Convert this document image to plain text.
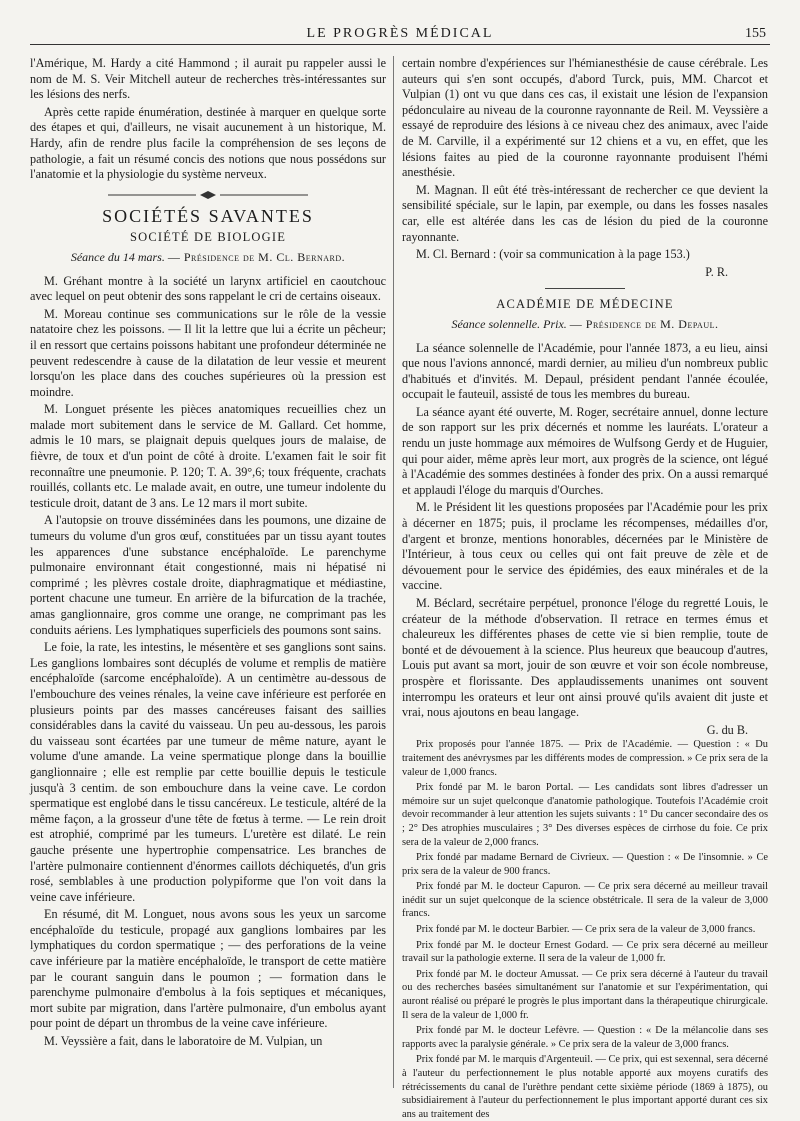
LE PROGRÈS MÉDICAL	155

l'Amérique, M. Hardy a cité Hammond ; il aurait pu rappeler aussi le nom de M. S. Veir Mitchell auteur de recherches très-intéressantes sur les lésions des nerfs.

Après cette rapide énumération, destinée à marquer en quelque sorte des étapes et qui, d'ailleurs, ne visait aucunement à un historique, M. Hardy, afin de rendre plus facile la compréhension de ses leçons de pathologie, a fait un résumé concis des notions que nous possédons sur l'anatomie et la physiologie du système nerveux.

SOCIÉTÉS SAVANTES
SOCIÉTÉ DE BIOLOGIE
Séance du 14 mars. — Présidence de M. Cl. Bernard.

M. Gréhant montre à la société un larynx artificiel en caoutchouc avec lequel on peut obtenir des sons rappelant le cri de certains oiseaux.

M. Moreau continue ses communications sur le rôle de la vessie natatoire chez les poissons. — Il lit la lettre que lui a écrite un pêcheur; il en ressort que certains poissons habitant une profondeur déterminée ne peuvent redescendre à cause de la dilatation de leur vessie et meurent lorsqu'on les place dans des couches supérieures où la pression est moindre.

M. Longuet présente les pièces anatomiques recueillies chez un malade mort subitement dans le service de M. Gallard. Cet homme, admis le 10 mars, se plaignait depuis quelques jours de malaise, de fièvre, de toux et d'un point de côté à droite. L'examen fait le soir fit reconnaître une pneumonie. P. 120; T. A. 39°,6; toux fréquente, crachats rouillés, collants etc. Le malade avait, en outre, une tumeur indolente du testicule droit, datant de 3 ans. Le 12 mars il mort subite.

A l'autopsie on trouve disséminées dans les poumons, une dizaine de tumeurs du volume d'un gros œuf, constituées par un tissu ayant toutes les apparences d'une substance encéphaloïde. Le parenchyme pulmonaire environnant était congestionné, mais ni hépatisé ni comprimé ; les plèvres costale droite, diaphragmatique et médiastine, portent chacune une tumeur. En arrière de la bifurcation de la trachée, amas ganglionnaire, gros comme une orange, ne comprimant pas les conduits aériens. Les lymphatiques superficiels des poumons sont sains.

Le foie, la rate, les intestins, le mésentère et ses ganglions sont sains. Les ganglions lombaires sont décuplés de volume et remplis de matière encéphaloïde (sarcome encéphaloïde). A un centimètre au-dessous de l'embouchure des veines rénales, la veine cave inférieure est perforée en plusieurs points par des masses cancéreuses faisant des saillies considérables dans la cavité du vaisseau. Un peu au-dessous, les parois du vaisseau sont écartées par une tumeur de même nature, ayant le volume d'une amande. La veine spermatique plonge dans la bouillie ganglionnaire ; elle est remplie par cette bouillie depuis le testicule jusqu'à 3 centim. de son embouchure dans la veine cave. Le cordon spermatique est englobé dans le tissu cancéreux. Le testicule, altéré de la même façon, a la grosseur d'une tête de fœtus à terme. — Le rein droit est atrophié, comprimé par les tumeurs. L'uretère est dilaté. Le rein gauche présente une hypertrophie compensatrice. Les branches de l'artère pulmonaire contiennent d'énormes caillots déchiquetés, d'un gris rosé, semblables à une production polypiforme que l'on voit dans la veine cave inférieure.

En résumé, dit M. Longuet, nous avons sous les yeux un sarcome encéphaloïde du testicule, propagé aux ganglions lombaires par les lymphatiques du cordon spermatique ; — des perforations de la veine cave inférieure par la matière encéphaloïde, le transport de cette matière par le courant sanguin dans le poumon ; — formation dans le parenchyme pulmonaire d'embolus à la fois septiques et mécaniques, mort subite par migration, dans l'artère pulmonaire, d'un embolus ayant pour point de départ un thrombus de la veine cave inférieure.

M. Veyssière a fait, dans le laboratoire de M. Vulpian, un

certain nombre d'expériences sur l'hémianesthésie de cause cérébrale. Les auteurs qui s'en sont occupés, d'abord Turck, puis, MM. Charcot et Vulpian (1) ont vu que dans ces cas, il existait une lésion de l'expansion pédonculaire au niveau de la couronne rayonnante de Reil. M. Veyssière a essayé de reproduire des lésions à ce niveau chez des animaux, avec l'aide de M. Carville, il a expérimenté sur 12 chiens et a vu, en effet, que les lésions faites au pied de la couronne rayonnante produisent l'hémi anesthésie.

M. Magnan. Il eût été très-intéressant de rechercher ce que devient la sensibilité spéciale, sur le lapin, par exemple, ou dans les fosses nasales car, elle est altérée dans les cas de lésion du pied de la couronne rayonnante.

M. Cl. Bernard : (voir sa communication à la page 153.)

P. R.
ACADÉMIE DE MÉDECINE
Séance solennelle. Prix. — Présidence de M. Depaul.

La séance solennelle de l'Académie, pour l'année 1873, a eu lieu, ainsi que nous l'avions annoncé, mardi dernier, au milieu d'un nombreux public d'habitués et d'invités. M. Depaul, président pendant l'année écoulée, occupait le fauteuil, assisté de tous les membres du bureau.

La séance ayant été ouverte, M. Roger, secrétaire annuel, donne lecture de son rapport sur les prix décernés et nomme les lauréats. L'orateur a rendu un juste hommage aux mémoires de Wulfsong Gerdy et de Huguier, qui pour aider, même après leur mort, aux progrès de la science, ont légué à l'Académie des sommes destinées à fonder des prix. On a aussi remarqué et applaudi l'éloge du marquis d'Ourches.

M. le Président lit les questions proposées par l'Académie pour les prix à décerner en 1875; puis, il proclame les récompenses, médailles d'or, d'argent et bronze, mentions honorables, décernées par le Ministère de l'Intérieur, à tous ceux ou celles qui ont fait preuve de zèle et de dévouement pour le service des épidémies, des eaux minérales et de la vaccine.

M. Béclard, secrétaire perpétuel, prononce l'éloge du regretté Louis, le créateur de la méthode d'observation. Il retrace en termes émus et chaleureux les différentes phases de cette vie si bien remplie, toute de bonté et de dévouement à la science. Plus heureux que beaucoup d'autres, Louis put avant sa mort, jouir de son œuvre et voir son école nombreuse, prospère et florissante. Des applaudissements unanimes ont souvent interrompu les orateurs et leur ont ainsi prouvé qu'ils avaient dit juste et vrai, nous ajoutons en beau langage.

G. du B.

Prix proposés pour l'année 1875. — Prix de l'Académie. — Question : « Du traitement des anévrysmes par les différents modes de compression. » Ce prix sera de la valeur de 1,000 francs.

Prix fondé par M. le baron Portal. — Les candidats sont libres d'adresser un mémoire sur un sujet quelconque d'anatomie pathologique. Toutefois l'Académie croit devoir recommander à leur attention les sujets suivants : 1° Du cancer secondaire des os ; 2° Des atrophies musculaires ; 3° Des diverses espèces de cirrhose du foie. Ce prix sera de la valeur de 2,000 francs.

Prix fondé par madame Bernard de Civrieux. — Question : « De l'insomnie. » Ce prix sera de la valeur de 900 francs.

Prix fondé par M. le docteur Capuron. — Ce prix sera décerné au meilleur travail inédit sur un sujet quelconque de la science obstétricale. Il sera de la valeur de 3,000 francs.

Prix fondé par M. le docteur Barbier. — Ce prix sera de la valeur de 3,000 francs.

Prix fondé par M. le docteur Ernest Godard. — Ce prix sera décerné au meilleur travail sur la pathologie externe. Il sera de la valeur de 1,000 fr.

Prix fondé par M. le docteur Amussat. — Ce prix sera décerné à l'auteur du travail ou des recherches basées simultanément sur l'anatomie et sur l'expérimentation, qui auront réalisé ou préparé le progrès le plus important dans la thérapeutique chirurgicale. Il sera de la valeur de 1,000 fr.

Prix fondé par M. le docteur Lefèvre. — Question : « De la mélancolie dans ses rapports avec la paralysie générale. » Ce prix sera de la valeur de 3,000 francs.

Prix fondé par M. le marquis d'Argenteuil. — Ce prix, qui est sexennal, sera décerné à l'auteur du perfectionnement le plus notable apporté aux moyens curatifs des rétrécissements du canal de l'urèthre pendant cette sixième période (1869 à 1875), ou subsidiairement à l'auteur du perfectionnement le plus important apporté durant ces six ans au traitement des
